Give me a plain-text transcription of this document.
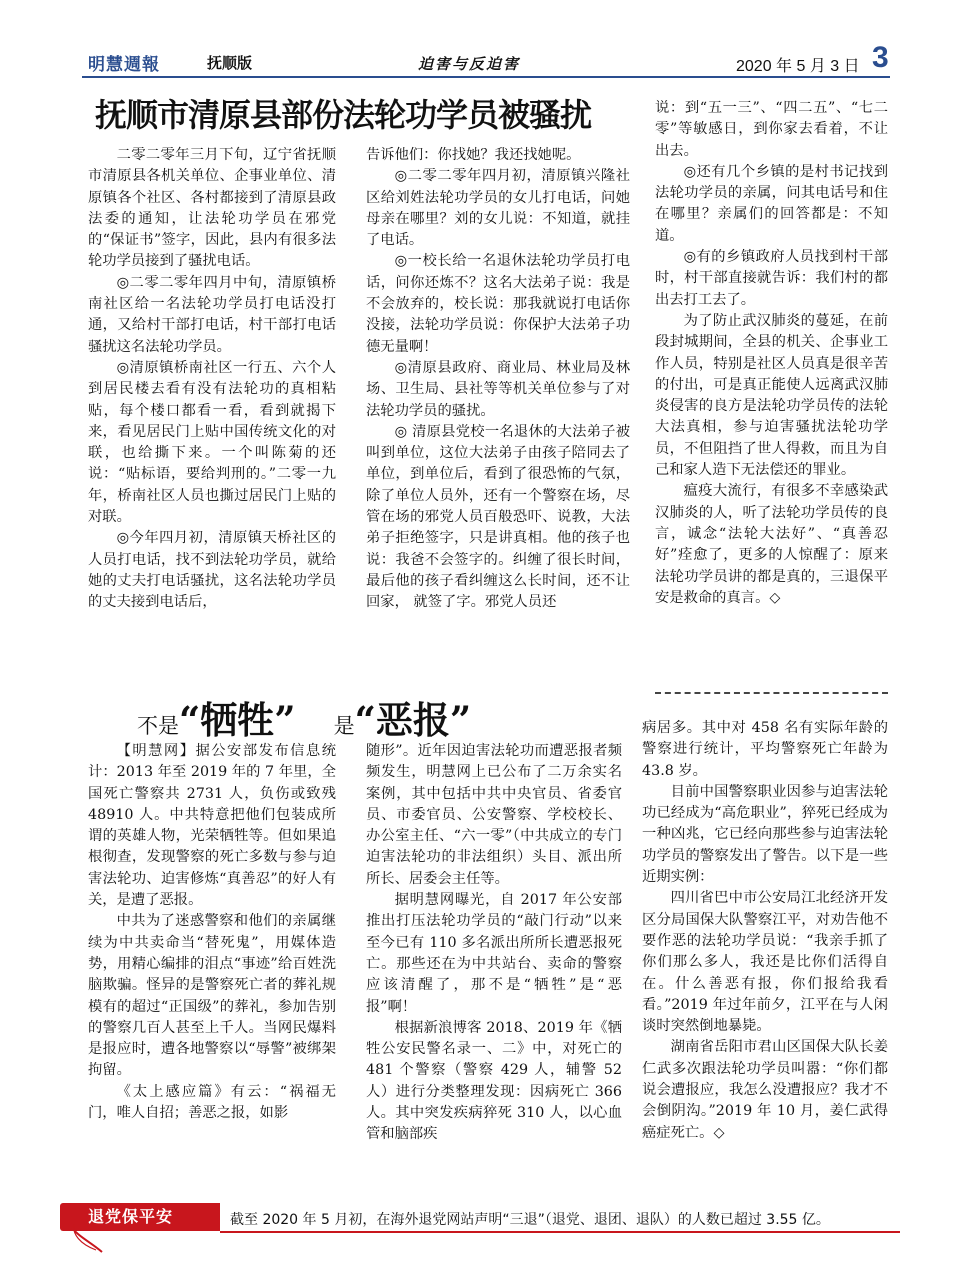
明慧週報	抚顺版	迫害与反迫害	2020 年 5 月 3 日 3
抚顺市清原县部份法轮功学员被骚扰

二零二零年三月下旬，辽宁省抚顺市清原县各机关单位、企事业单位、清原镇各个社区、各村都接到了清原县政法委的通知，让法轮功学员在邪党的“保证书”签字，因此，县内有很多法轮功学员接到了骚扰电话。

◎二零二零年四月中旬，清原镇桥南社区给一名法轮功学员打电话没打通，又给村干部打电话，村干部打电话骚扰这名法轮功学员。

◎清原镇桥南社区一行五、六个人到居民楼去看有没有法轮功的真相粘贴，每个楼口都看一看，看到就揭下来，看见居民门上贴中国传统文化的对联，也给撕下来。一个叫陈菊的还说：“贴标语，要给判刑的。”二零一九年，桥南社区人员也撕过居民门上贴的对联。

◎今年四月初，清原镇天桥社区的人员打电话，找不到法轮功学员，就给她的丈夫打电话骚扰，这名法轮功学员的丈夫接到电话后，

告诉他们：你找她？我还找她呢。

◎二零二零年四月初，清原镇兴隆社区给刘姓法轮功学员的女儿打电话，问她母亲在哪里？刘的女儿说：不知道，就挂了电话。

◎一校长给一名退休法轮功学员打电话，问你还炼不？这名大法弟子说：我是不会放弃的，校长说：那我就说打电话你没接，法轮功学员说：你保护大法弟子功德无量啊！

◎清原县政府、商业局、林业局及林场、卫生局、县社等等机关单位参与了对法轮功学员的骚扰。

◎ 清原县党校一名退休的大法弟子被叫到单位，这位大法弟子由孩子陪同去了单位，到单位后，看到了很恐怖的气氛，除了单位人员外，还有一个警察在场，尽管在场的邪党人员百般恐吓、说教，大法弟子拒绝签字，只是讲真相。他的孩子也说：我爸不会签字的。纠缠了很长时间，最后他的孩子看纠缠这么长时间，还不让回家， 就签了字。邪党人员还

说：到“五一三”、“四二五”、“七二零”等敏感日，到你家去看着，不让出去。

◎还有几个乡镇的是村书记找到法轮功学员的亲属，问其电话号和住在哪里？亲属们的回答都是：不知道。

◎有的乡镇政府人员找到村干部时，村干部直接就告诉：我们村的都出去打工去了。

为了防止武汉肺炎的蔓延，在前段封城期间，全县的机关、企事业工作人员，特别是社区人员真是很辛苦的付出，可是真正能使人远离武汉肺炎侵害的良方是法轮功学员传的法轮大法真相，参与迫害骚扰法轮功学员，不但阻挡了世人得救，而且为自己和家人造下无法偿还的罪业。

瘟疫大流行，有很多不幸感染武汉肺炎的人，听了法轮功学员传的良言，诚念“法轮大法好”、“真善忍好”痊愈了，更多的人惊醒了：原来法轮功学员讲的都是真的，三退保平安是救命的真言。◇

不是“牺牲” 是“恶报”

【明慧网】据公安部发布信息统计：2013 年至 2019 年的 7 年里，全国死亡警察共 2731 人，负伤或致残 48910 人。中共特意把他们包装成所谓的英雄人物，光荣牺牲等。但如果追根彻查，发现警察的死亡多数与参与迫害法轮功、迫害修炼“真善忍”的好人有关，是遭了恶报。

中共为了迷惑警察和他们的亲属继续为中共卖命当“替死鬼”，用媒体造势，用精心编排的泪点“事迹”给百姓洗脑欺骗。怪异的是警察死亡者的葬礼规模有的超过“正国级”的葬礼，参加告别的警察几百人甚至上千人。当网民爆料是报应时，遭各地警察以“辱警”被绑架拘留。

《太上感应篇》有云：“祸福无门，唯人自招；善恶之报，如影

随形”。近年因迫害法轮功而遭恶报者频频发生，明慧网上已公布了二万余实名案例，其中包括中共中央官员、省委官员、市委官员、公安警察、学校校长、办公室主任、“六一零”（中共成立的专门迫害法轮功的非法组织）头目、派出所所长、居委会主任等。

据明慧网曝光，自 2017 年公安部推出打压法轮功学员的“敲门行动”以来至今已有 110 多名派出所所长遭恶报死亡。那些还在为中共站台、卖命的警察应该清醒了，那不是“牺牲”是“恶报”啊！

根据新浪博客 2018、2019 年《牺牲公安民警名录一、二》中，对死亡的 481 个警察（警察 429 人，辅警 52 人）进行分类整理发现：因病死亡 366 人。其中突发疾病猝死 310 人，以心血管和脑部疾

病居多。其中对 458 名有实际年龄的警察进行统计，平均警察死亡年龄为 43.8 岁。

目前中国警察职业因参与迫害法轮功已经成为“高危职业”，猝死已经成为一种凶兆，它已经向那些参与迫害法轮功学员的警察发出了警告。以下是一些近期实例：

四川省巴中市公安局江北经济开发区分局国保大队警察江平，对劝告他不要作恶的法轮功学员说：“我亲手抓了你们那么多人，我还是比你们活得自在。什么善恶有报，你们报给我看看。”2019 年过年前夕，江平在与人闲谈时突然倒地暴毙。

湖南省岳阳市君山区国保大队长姜仁武多次跟法轮功学员叫嚣：“你们都说会遭报应，我怎么没遭报应？我才不会倒阴沟。”2019 年 10 月，姜仁武得癌症死亡。◇

退党保平安	截至 2020 年 5 月初，在海外退党网站声明“三退”（退党、退团、退队）的人数已超过 3.55 亿。
